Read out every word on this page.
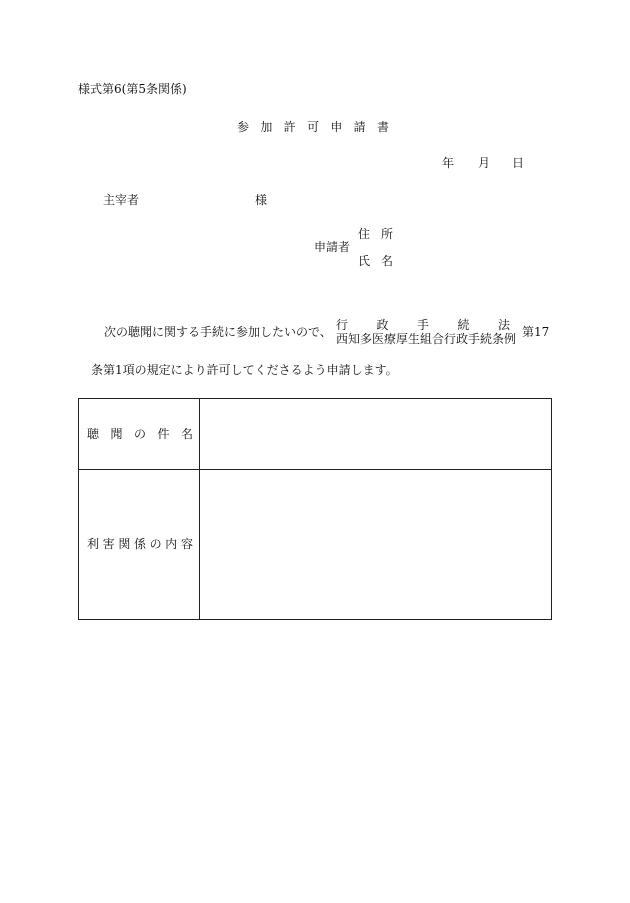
様式第6(第5条関係)
参 加 許 可 申 請 書
年 月 日
主宰者	様
申請者
住 所
氏 名
次の聴聞に関する手続に参加したいので、 行 政 手 続 法
西知多医療厚生組合行政手続条例 第17
条第1項の規定により許可してくださるよう申請します。
聴 聞 の 件 名
利 害 関 係 の 内 容
